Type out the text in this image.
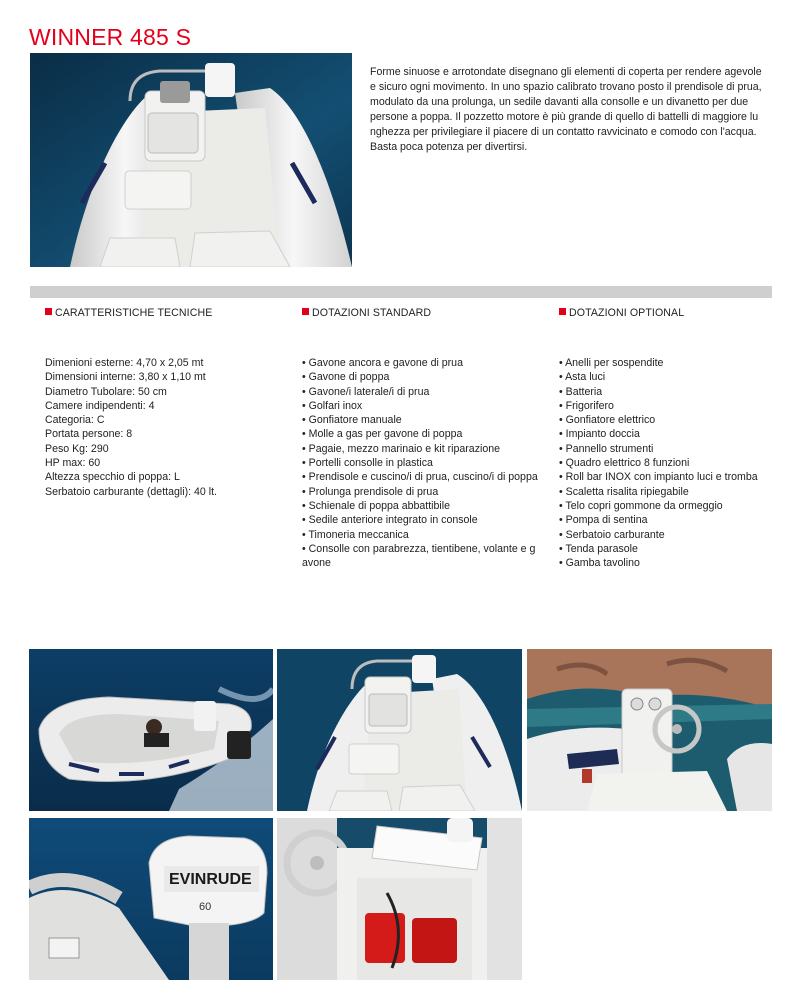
WINNER 485 S

Forme sinuose e arrotondate disegnano gli elementi di coperta per rendere agevole e sicuro ogni movimento. In uno spazio calibrato trovano posto il prendisole di prua, modulato da una prolunga, un sedile davanti alla consolle e un divanetto per due persone a poppa. Il pozzetto motore è più grande di quello di battelli di maggiore lu nghezza per privilegiare il piacere di un contatto ravvicinato e comodo con l'acqua. Basta poca potenza per divertirsi.

CARATTERISTICHE TECNICHE
Dimenioni esterne: 4,70 x 2,05 mt
Dimensioni interne: 3,80 x 1,10 mt
Diametro Tubolare: 50 cm
Camere indipendenti: 4
Categoria: C
Portata persone: 8
Peso Kg: 290
HP max: 60
Altezza specchio di poppa: L
Serbatoio carburante (dettagli): 40 lt.
DOTAZIONI STANDARD
• Gavone ancora e gavone di prua
• Gavone di poppa
• Gavone/i laterale/i di prua
• Golfari inox
• Gonfiatore manuale
• Molle a gas per gavone di poppa
• Pagaie, mezzo marinaio e kit riparazione
• Portelli consolle in plastica
• Prendisole e cuscino/i di prua, cuscino/i di poppa
• Prolunga prendisole di prua
• Schienale di poppa abbattibile
• Sedile anteriore integrato in console
• Timoneria meccanica
• Consolle con parabrezza, tientibene, volante e g avone
DOTAZIONI OPTIONAL
• Anelli per sospendite
• Asta luci
• Batteria
• Frigorifero
• Gonfiatore elettrico
• Impianto doccia
• Pannello strumenti
• Quadro elettrico 8 funzioni
• Roll bar INOX con impianto luci e tromba
• Scaletta risalita ripiegabile
• Telo copri gommone da ormeggio
• Pompa di sentina
• Serbatoio carburante
• Tenda parasole
• Gamba tavolino
EVINRUDE
60
